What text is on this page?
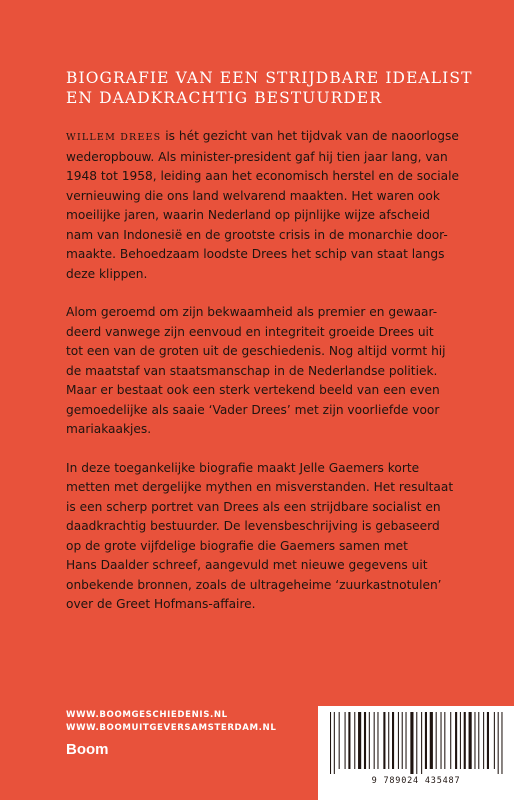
BIOGRAFIE VAN EEN STRIJDBARE IDEALIST
EN DAADKRACHTIG BESTUURDER
WILLEM DREES is hét gezicht van het tijdvak van de naoorlogse
wederopbouw. Als minister-president gaf hij tien jaar lang, van
1948 tot 1958, leiding aan het economisch herstel en de sociale
vernieuwing die ons land welvarend maakten. Het waren ook
moeilijke jaren, waarin Nederland op pijnlijke wijze afscheid
nam van Indonesië en de grootste crisis in de monarchie door-
maakte. Behoedzaam loodste Drees het schip van staat langs
deze klippen.
Alom geroemd om zijn bekwaamheid als premier en gewaar-
deerd vanwege zijn eenvoud en integriteit groeide Drees uit
tot een van de groten uit de geschiedenis. Nog altijd vormt hij
de maatstaf van staatsmanschap in de Nederlandse politiek.
Maar er bestaat ook een sterk vertekend beeld van een even
gemoedelijke als saaie ‘Vader Drees’ met zijn voorliefde voor
mariakaakjes.
In deze toegankelijke biografie maakt Jelle Gaemers korte
metten met dergelijke mythen en misverstanden. Het resultaat
is een scherp portret van Drees als een strijdbare socialist en
daadkrachtig bestuurder. De levensbeschrijving is gebaseerd
op de grote vijfdelige biografie die Gaemers samen met
Hans Daalder schreef, aangevuld met nieuwe gegevens uit
onbekende bronnen, zoals de ultrageheime ‘zuurkastnotulen’
over de Greet Hofmans-affaire.
WWW.BOOMGESCHIEDENIS.NL
WWW.BOOMUITGEVERSAMSTERDAM.NL
Boom
9 789024 435487
